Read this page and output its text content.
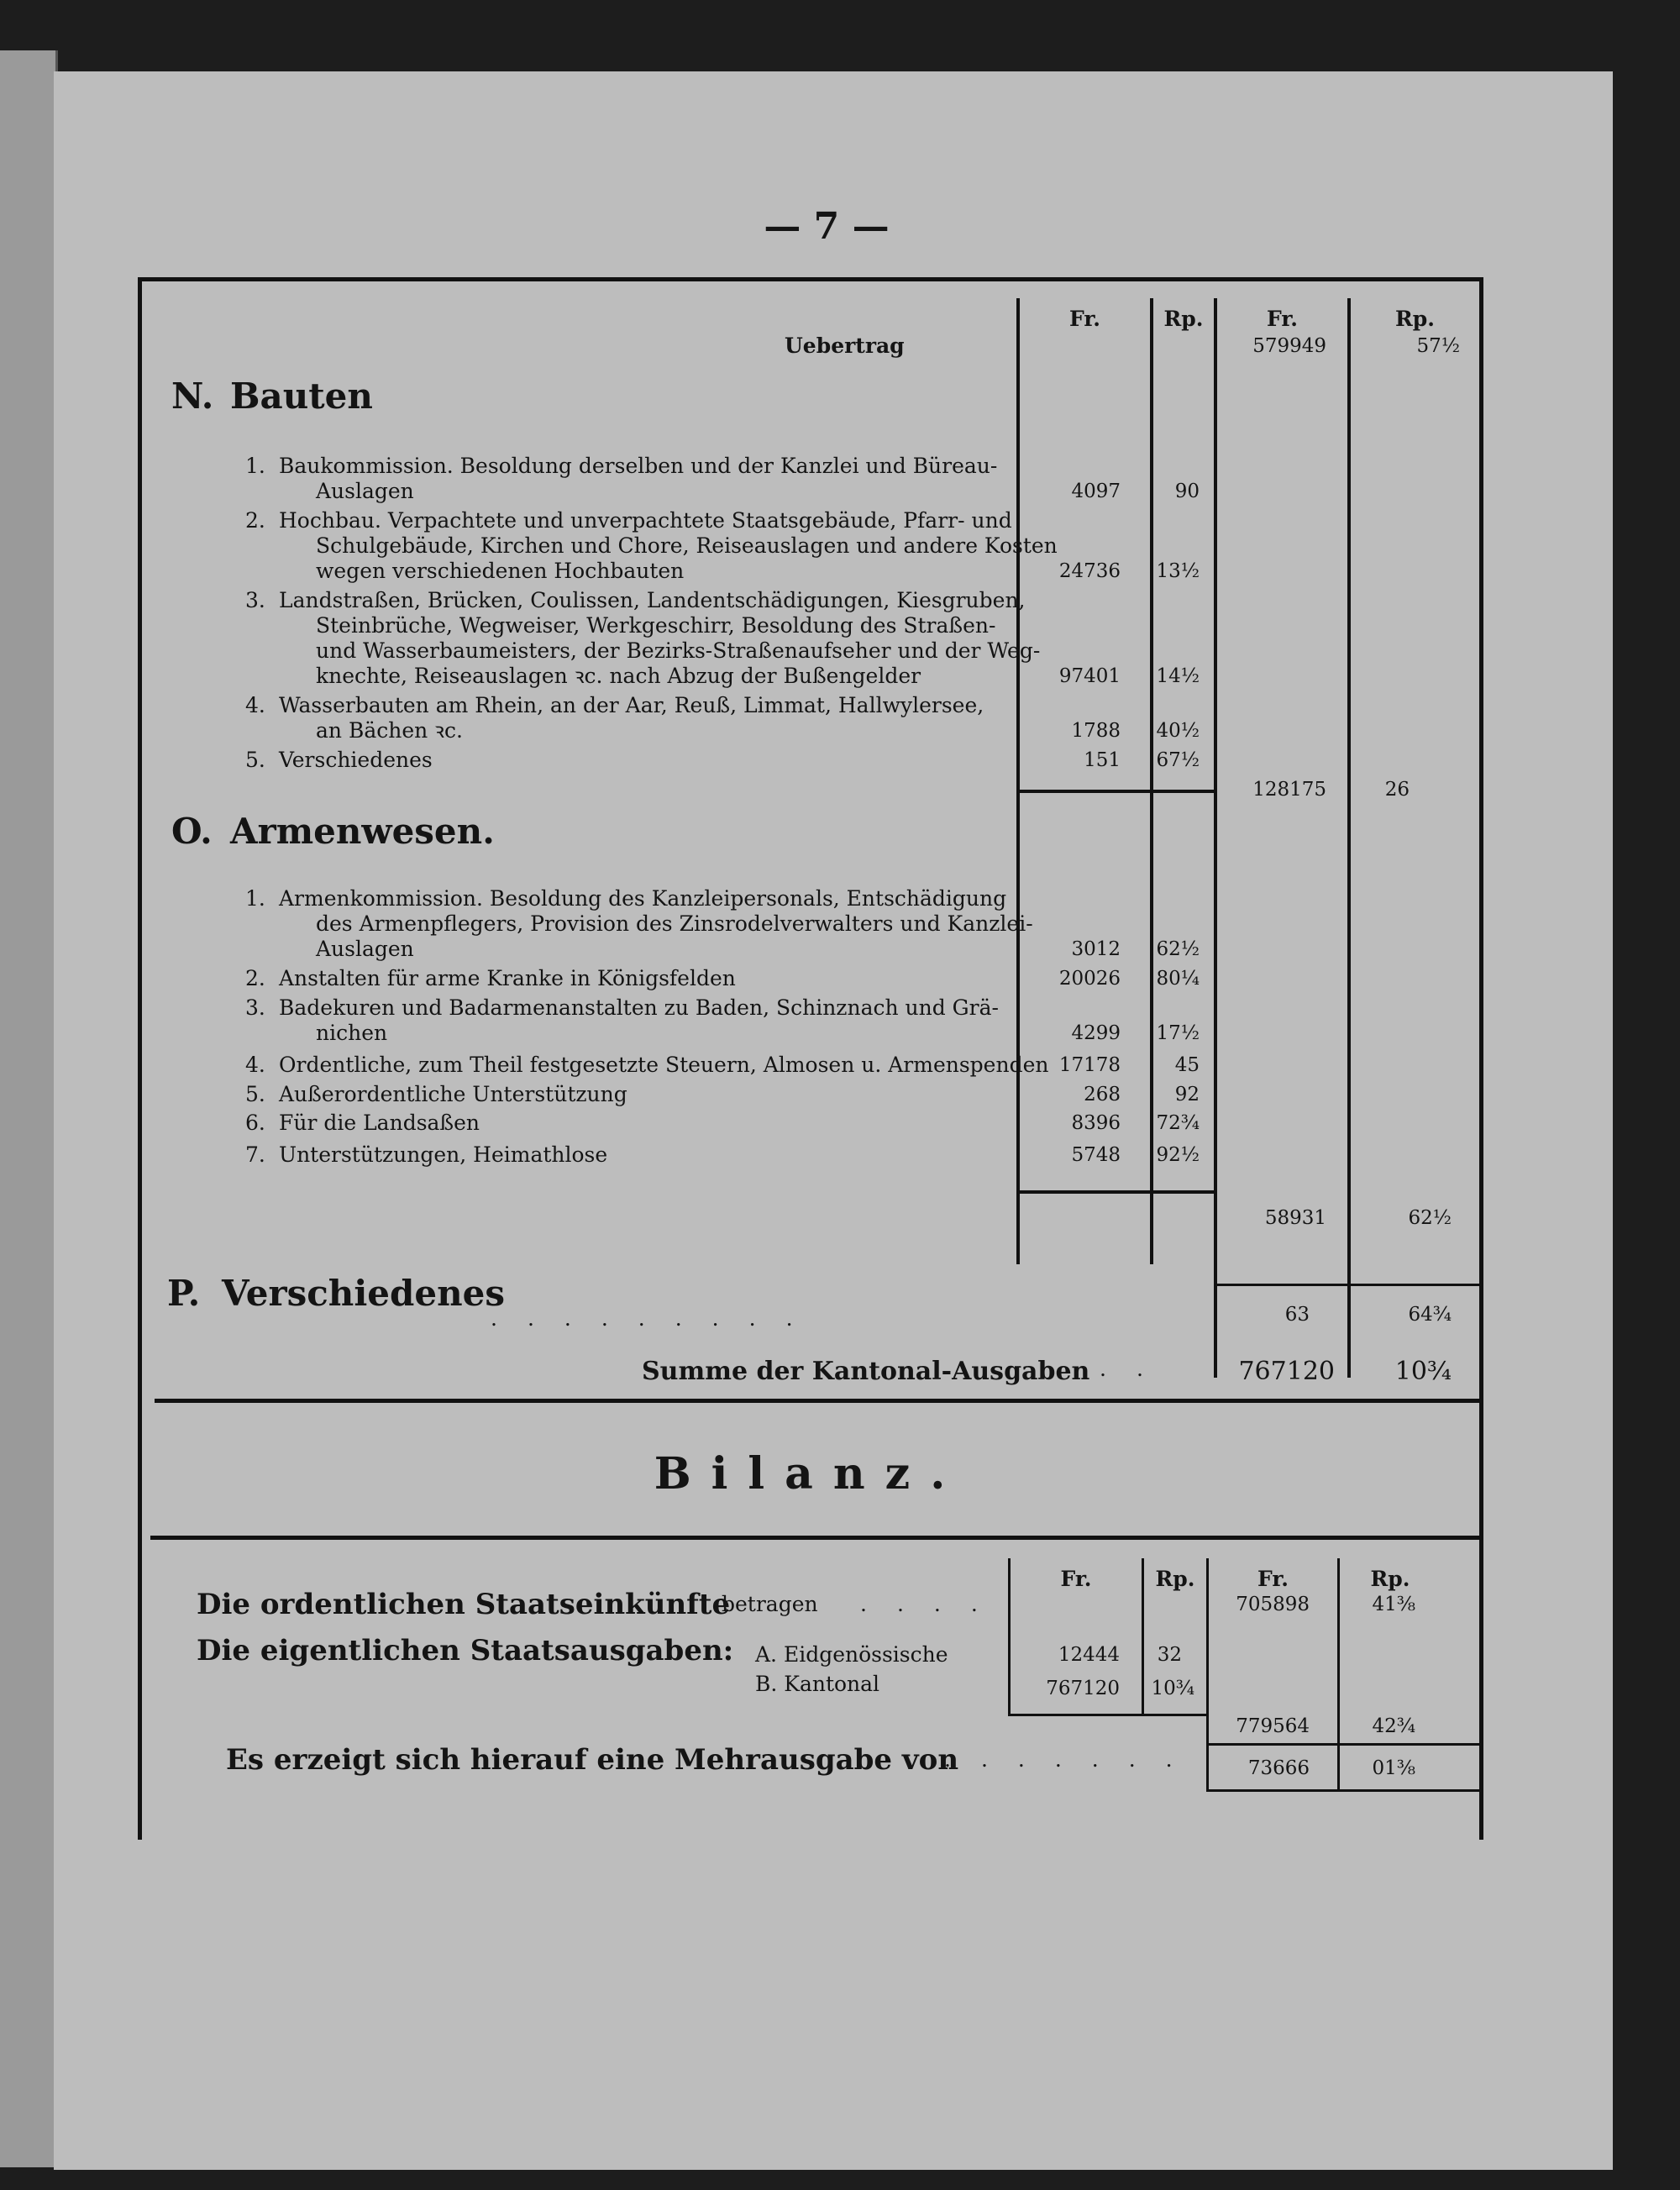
— 7 —
Fr.	Rp.	Fr.	Rp.
Uebertrag	579949	57½
N. Bauten
1. Baukommission. Besoldung derselben und der Kanzlei und Büreau-
Auslagen	4097	90
2. Hochbau. Verpachtete und unverpachtete Staatsgebäude, Pfarr- und
Schulgebäude, Kirchen und Chore, Reiseauslagen und andere Kosten
wegen verschiedenen Hochbauten	24736 13½
3. Landstraßen, Brücken, Coulissen, Landentschädigungen, Kiesgruben,
Steinbrüche, Wegweiser, Werkgeschirr, Besoldung des Straßen-
und Wasserbaumeisters, der Bezirks-Straßenaufseher und der Weg-
knechte, Reiseauslagen ꝛc. nach Abzug der Bußengelder	97401 14½
4. Wasserbauten am Rhein, an der Aar, Reuß, Limmat, Hallwylersee,
an Bächen ꝛc.	1788 40½
5. Verschiedenes	151 67½
128175	26
O. Armenwesen.
1. Armenkommission. Besoldung des Kanzleipersonals, Entschädigung
des Armenpflegers, Provision des Zinsrodelverwalters und Kanzlei-
Auslagen	3012 62½
2. Anstalten für arme Kranke in Königsfelden	20026 80¼
3. Badekuren und Badarmenanstalten zu Baden, Schinznach und Grä-
nichen	4299 17½
4. Ordentliche, zum Theil festgesetzte Steuern, Almosen u. Armenspenden 17178	45
5. Außerordentliche Unterstützung	268	92
6. Für die Landsaßen	8396 72¾
7. Unterstützungen, Heimathlose	5748 92½
58931	62½
P. Verschiedenes
63	64¾
Summe der Kantonal-Ausgaben	767120	10¾
Bilanz.
Fr.	Rp.	Fr.	Rp.
Die ordentlichen Staatseinkünfte
betragen	705898	41⅜
Die eigentlichen Staatsausgaben: A. Eidgenössische	12444	32
B. Kantonal	767120	10¾
779564	42¾
Es erzeigt sich hierauf eine Mehrausgabe von	73666	01⅜
.........
..
....
.......
